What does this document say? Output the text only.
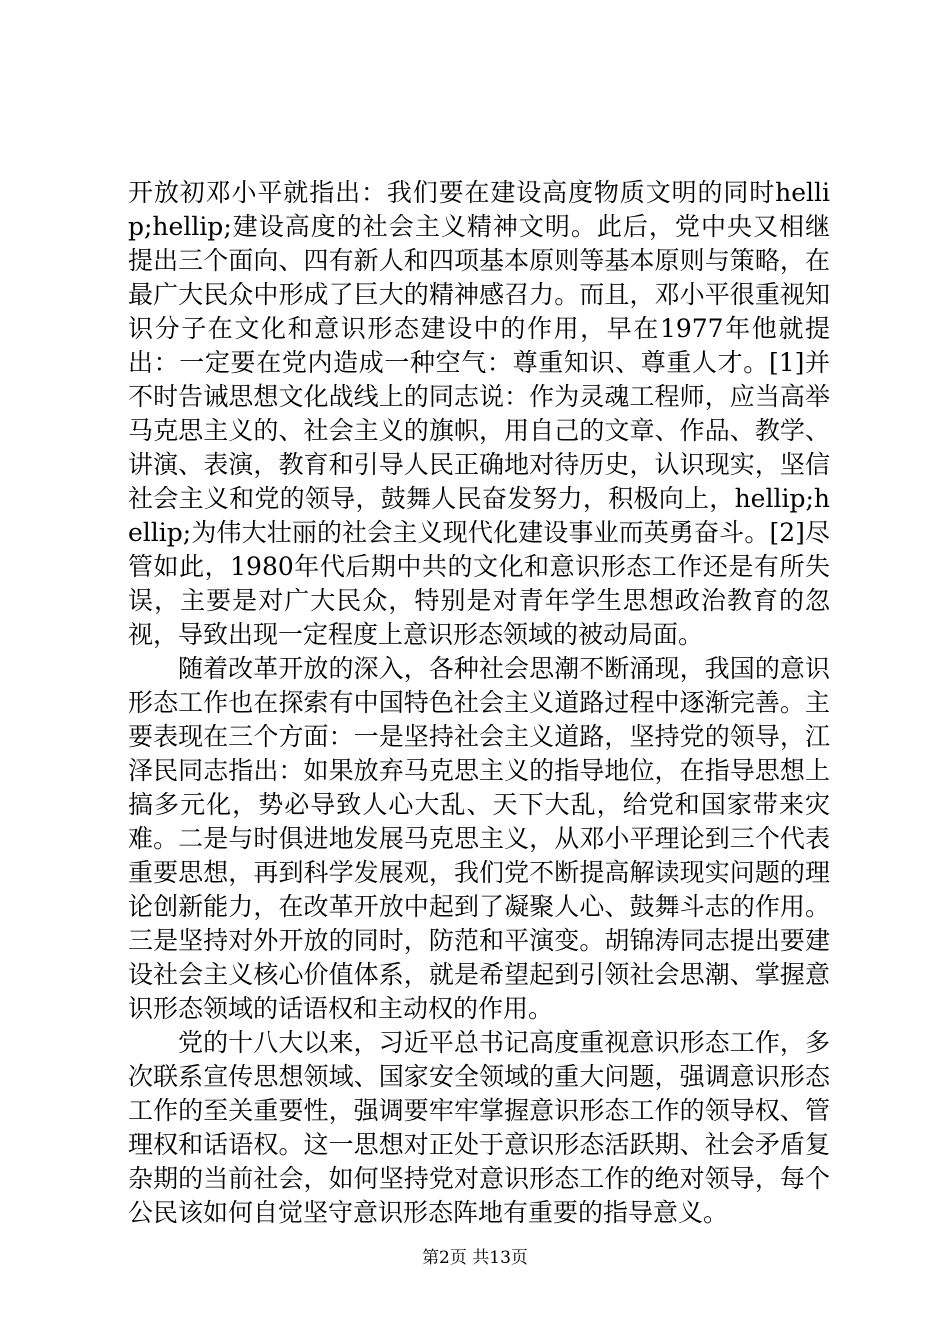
开放初邓小平就指出：我们要在建设高度物质文明的同时hellip;hellip;建设高度的社会主义精神文明。此后，党中央又相继提出三个面向、四有新人和四项基本原则等基本原则与策略，在最广大民众中形成了巨大的精神感召力。而且，邓小平很重视知识分子在文化和意识形态建设中的作用，早在1977年他就提出：一定要在党内造成一种空气：尊重知识、尊重人才。[1]并不时告诫思想文化战线上的同志说：作为灵魂工程师，应当高举马克思主义的、社会主义的旗帜，用自己的文章、作品、教学、讲演、表演，教育和引导人民正确地对待历史，认识现实，坚信社会主义和党的领导，鼓舞人民奋发努力，积极向上，hellip;hellip;为伟大壮丽的社会主义现代化建设事业而英勇奋斗。[2]尽管如此，1980年代后期中共的文化和意识形态工作还是有所失误，主要是对广大民众，特别是对青年学生思想政治教育的忽视，导致出现一定程度上意识形态领域的被动局面。

随着改革开放的深入，各种社会思潮不断涌现，我国的意识形态工作也在探索有中国特色社会主义道路过程中逐渐完善。主要表现在三个方面：一是坚持社会主义道路，坚持党的领导，江泽民同志指出：如果放弃马克思主义的指导地位，在指导思想上搞多元化，势必导致人心大乱、天下大乱，给党和国家带来灾难。二是与时俱进地发展马克思主义，从邓小平理论到三个代表重要思想，再到科学发展观，我们党不断提高解读现实问题的理论创新能力，在改革开放中起到了凝聚人心、鼓舞斗志的作用。三是坚持对外开放的同时，防范和平演变。胡锦涛同志提出要建设社会主义核心价值体系，就是希望起到引领社会思潮、掌握意识形态领域的话语权和主动权的作用。

党的十八大以来，习近平总书记高度重视意识形态工作，多次联系宣传思想领域、国家安全领域的重大问题，强调意识形态工作的至关重要性，强调要牢牢掌握意识形态工作的领导权、管理权和话语权。这一思想对正处于意识形态活跃期、社会矛盾复杂期的当前社会，如何坚持党对意识形态工作的绝对领导，每个公民该如何自觉坚守意识形态阵地有重要的指导意义。

第2页 共13页
